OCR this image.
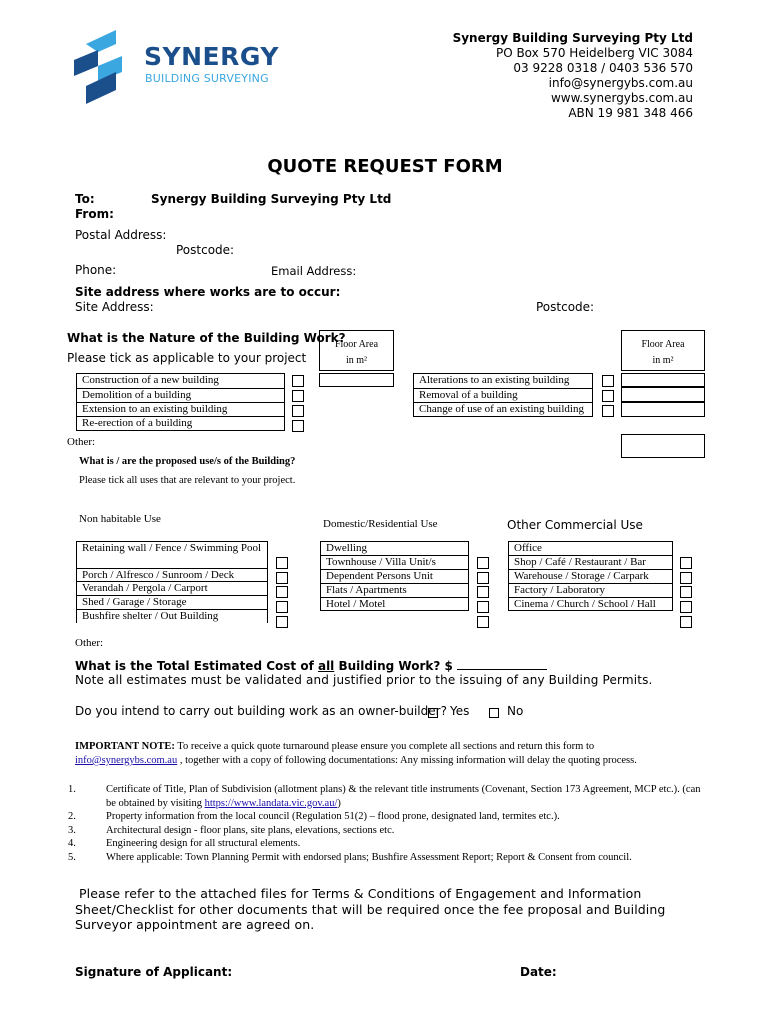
SYNERGY
BUILDING SURVEYING
Synergy Building Surveying Pty Ltd
PO Box 570 Heidelberg VIC 3084
03 9228 0318 / 0403 536 570
info@synergybs.com.au
www.synergybs.com.au
ABN 19 981 348 466
QUOTE REQUEST FORM
To:	Synergy Building Surveying Pty Ltd
From:
Postal Address:
Postcode:
Phone:	Email Address:
Site address where works are to occur:
Site Address:	Postcode:
What is the Nature of the Building Work?
Please tick as applicable to your project
Floor Area
in m²
Floor Area
in m²
Construction of a new building
Demolition of a building
Extension to an existing building
Re-erection of a building
Alterations to an existing building
Removal of a building
Change of use of an existing building
Other:
What is / are the proposed use/s of the Building?
Please tick all uses that are relevant to your project.
Non habitable Use
Retaining wall / Fence / Swimming Pool
Porch / Alfresco / Sunroom / Deck
Verandah / Pergola / Carport
Shed / Garage / Storage
Bushfire shelter / Out Building
Domestic/Residential Use
Dwelling
Townhouse / Villa Unit/s
Dependent Persons Unit
Flats / Apartments
Hotel / Motel
Other Commercial Use
Office
Shop / Café / Restaurant / Bar
Warehouse / Storage / Carpark
Factory / Laboratory
Cinema / Church / School / Hall
Other:
What is the Total Estimated Cost of all Building Work? $
Note all estimates must be validated and justified prior to the issuing of any Building Permits.
Do you intend to carry out building work as an owner-builder? Yes	No
IMPORTANT NOTE: To receive a quick quote turnaround please ensure you complete all sections and return this form to info@synergybs.com.au , together with a copy of following documentations: Any missing information will delay the quoting process.
1.	Certificate of Title, Plan of Subdivision (allotment plans) & the relevant title instruments (Covenant, Section 173 Agreement, MCP etc.). (can be obtained by visiting https://www.landata.vic.gov.au/)
2.	Property information from the local council (Regulation 51(2) – flood prone, designated land, termites etc.).
3.	Architectural design - floor plans, site plans, elevations, sections etc.
4.	Engineering design for all structural elements.
5.	Where applicable: Town Planning Permit with endorsed plans; Bushfire Assessment Report; Report & Consent from council.
Please refer to the attached files for Terms & Conditions of Engagement and Information Sheet/Checklist for other documents that will be required once the fee proposal and Building Surveyor appointment are agreed on.
Signature of Applicant:	Date:
